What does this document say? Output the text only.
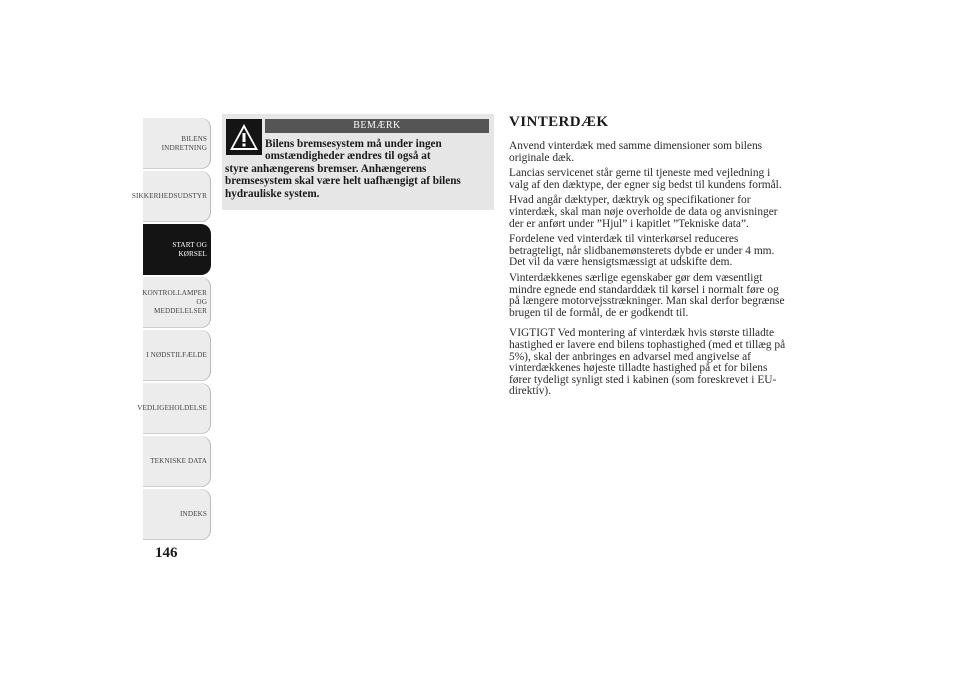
BILENS INDRETNING
SIKKERHEDSUDSTYR
START OG KØRSEL
KONTROLLAMPER OG MEDDELELSER
I NØDSTILFÆLDE
VEDLIGEHOLDELSE
TEKNISKE DATA
INDEKS
146
BEMÆRK
Bilens bremsesystem må under ingen
omstændigheder ændres til også at
styre anhængerens bremser. Anhængerens bremsesystem skal være helt uafhængigt af bilens hydrauliske system.
VINTERDÆK

Anvend vinterdæk med samme dimensioner som bilens originale dæk.

Lancias servicenet står gerne til tjeneste med vejledning i valg af den dæktype, der egner sig bedst til kundens formål.

Hvad angår dæktyper, dæktryk og specifikationer for vinterdæk, skal man nøje overholde de data og anvisninger der er anført under ”Hjul” i kapitlet ”Tekniske data”.

Fordelene ved vinterdæk til vinterkørsel reduceres betragteligt, når slidbanemønsterets dybde er under 4 mm. Det vil da være hensigtsmæssigt at udskifte dem.

Vinterdækkenes særlige egenskaber gør dem væsentligt mindre egnede end standarddæk til kørsel i normalt føre og på længere motorvejsstrækninger. Man skal derfor begrænse brugen til de formål, de er godkendt til.

VIGTIGT Ved montering af vinterdæk hvis største tilladte hastighed er lavere end bilens tophastighed (med et tillæg på 5%), skal der anbringes en advarsel med angivelse af vinterdækkenes højeste tilladte hastighed på et for bilens fører tydeligt synligt sted i kabinen (som foreskrevet i EU-direktiv).
